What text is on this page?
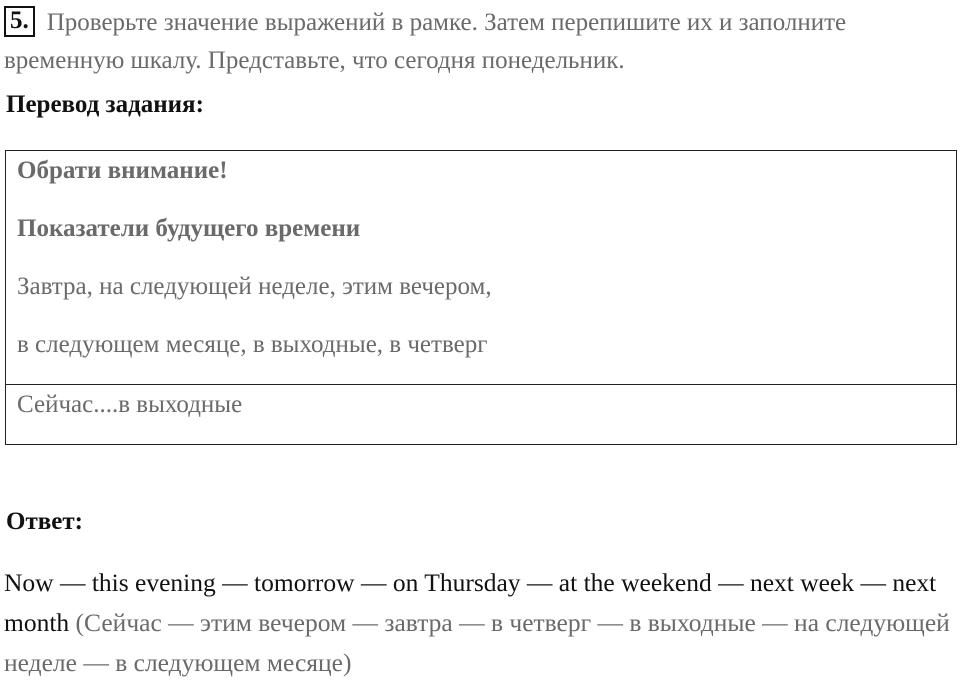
5. Проверьте значение выражений в рамке. Затем перепишите их и заполните временную шкалу. Представьте, что сегодня понедельник.
Перевод задания:
Обрати внимание!
Показатели будущего времени
Завтра, на следующей неделе, этим вечером,
в следующем месяце, в выходные, в четверг
Сейчас....в выходные
Ответ:
Now — this evening — tomorrow — on Thursday — at the weekend — next week — next month (Сейчас — этим вечером — завтра — в четверг — в выходные — на следующей неделе — в следующем месяце)
